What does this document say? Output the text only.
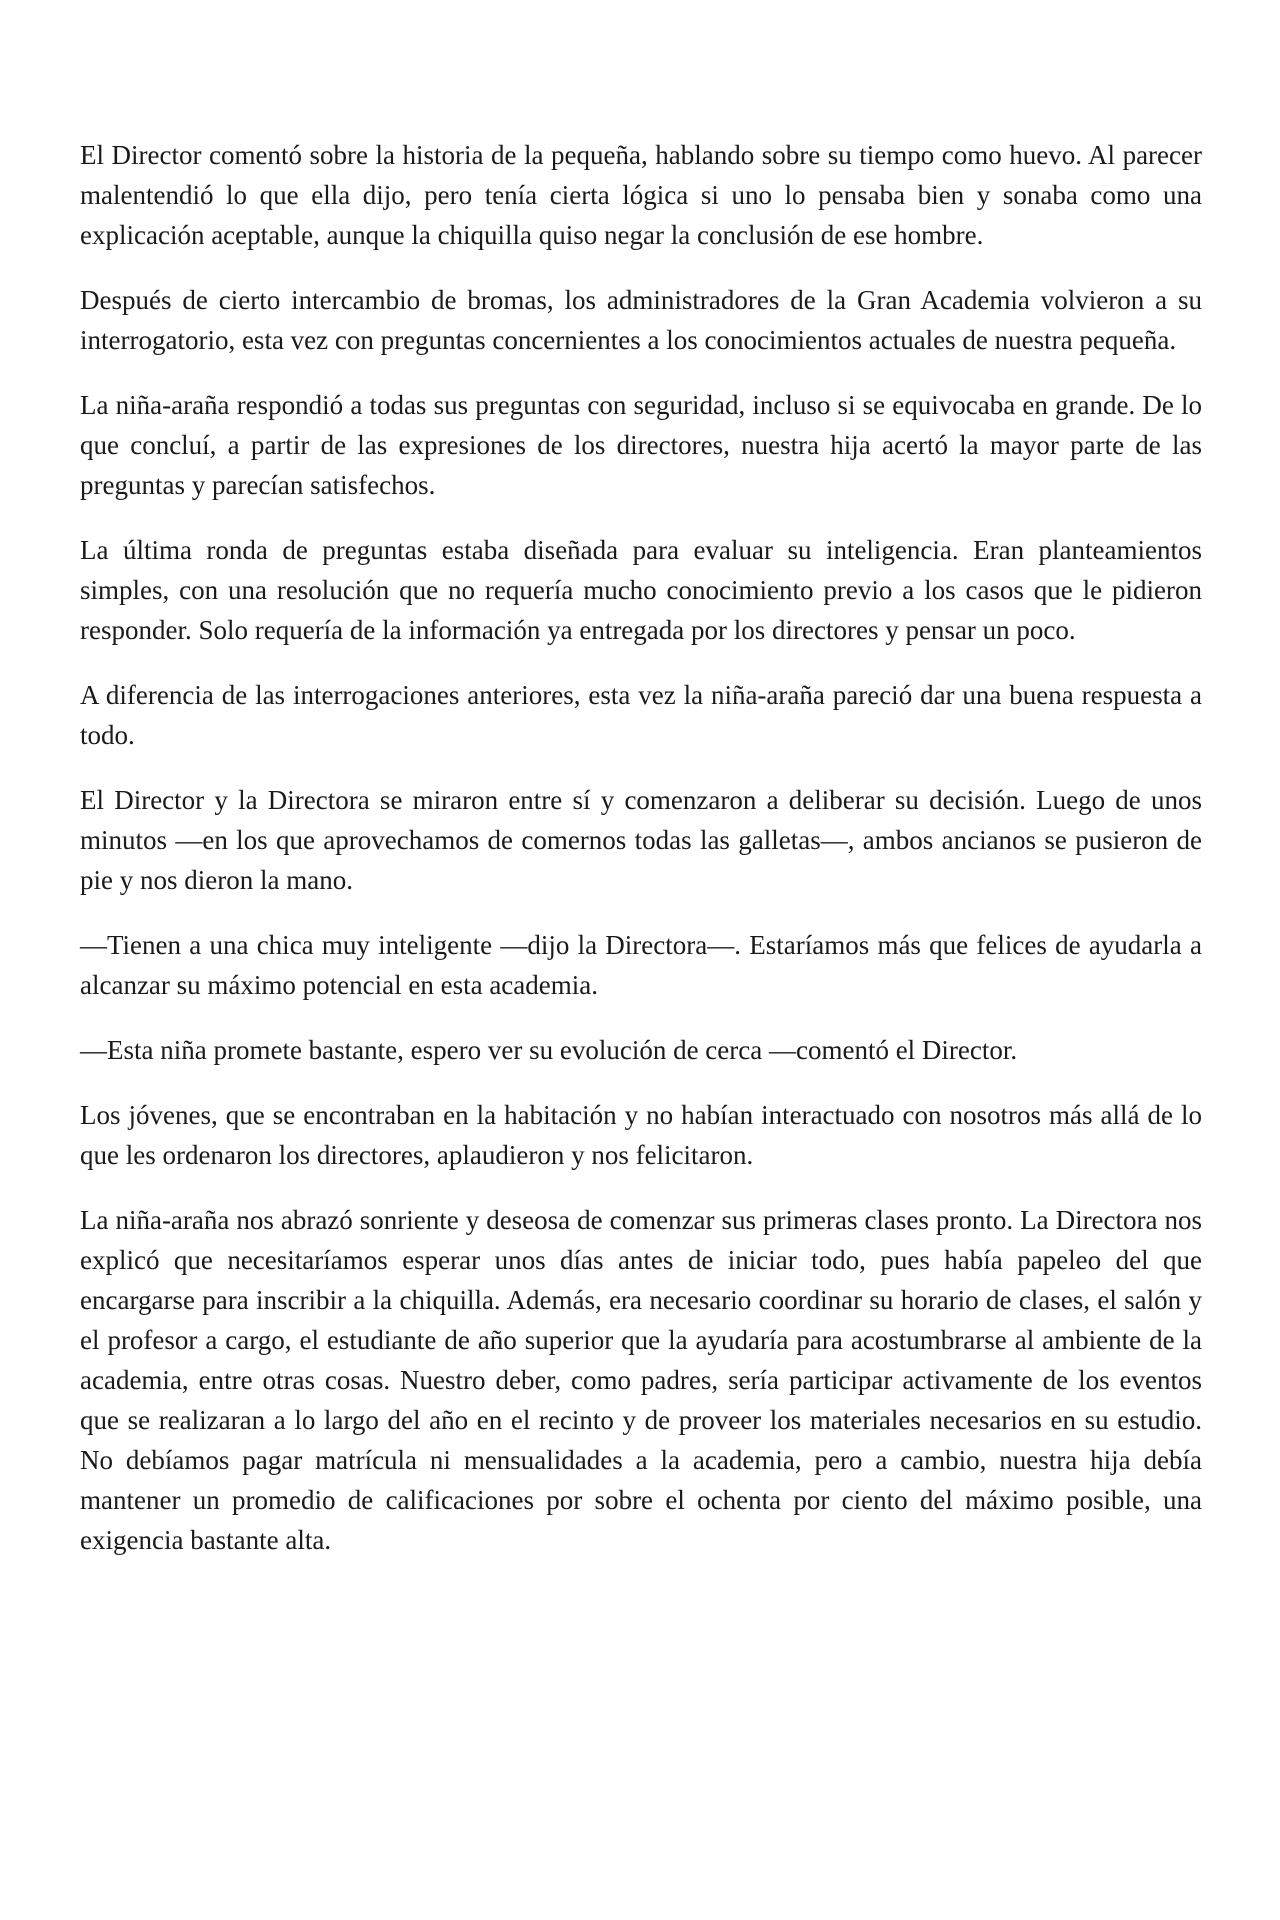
El Director comentó sobre la historia de la pequeña, hablando sobre su tiempo como huevo. Al parecer malentendió lo que ella dijo, pero tenía cierta lógica si uno lo pensaba bien y sonaba como una explicación aceptable, aunque la chiquilla quiso negar la conclusión de ese hombre.

Después de cierto intercambio de bromas, los administradores de la Gran Academia volvieron a su interrogatorio, esta vez con preguntas concernientes a los conocimientos actuales de nuestra pequeña.

La niña-araña respondió a todas sus preguntas con seguridad, incluso si se equivocaba en grande. De lo que concluí, a partir de las expresiones de los directores, nuestra hija acertó la mayor parte de las preguntas y parecían satisfechos.

La última ronda de preguntas estaba diseñada para evaluar su inteligencia. Eran planteamientos simples, con una resolución que no requería mucho conocimiento previo a los casos que le pidieron responder. Solo requería de la información ya entregada por los directores y pensar un poco.

A diferencia de las interrogaciones anteriores, esta vez la niña-araña pareció dar una buena respuesta a todo.

El Director y la Directora se miraron entre sí y comenzaron a deliberar su decisión. Luego de unos minutos —en los que aprovechamos de comernos todas las galletas—, ambos ancianos se pusieron de pie y nos dieron la mano.

—Tienen a una chica muy inteligente —dijo la Directora—. Estaríamos más que felices de ayudarla a alcanzar su máximo potencial en esta academia.

—Esta niña promete bastante, espero ver su evolución de cerca —comentó el Director.

Los jóvenes, que se encontraban en la habitación y no habían interactuado con nosotros más allá de lo que les ordenaron los directores, aplaudieron y nos felicitaron.

La niña-araña nos abrazó sonriente y deseosa de comenzar sus primeras clases pronto. La Directora nos explicó que necesitaríamos esperar unos días antes de iniciar todo, pues había papeleo del que encargarse para inscribir a la chiquilla. Además, era necesario coordinar su horario de clases, el salón y el profesor a cargo, el estudiante de año superior que la ayudaría para acostumbrarse al ambiente de la academia, entre otras cosas. Nuestro deber, como padres, sería participar activamente de los eventos que se realizaran a lo largo del año en el recinto y de proveer los materiales necesarios en su estudio. No debíamos pagar matrícula ni mensualidades a la academia, pero a cambio, nuestra hija debía mantener un promedio de calificaciones por sobre el ochenta por ciento del máximo posible, una exigencia bastante alta.
